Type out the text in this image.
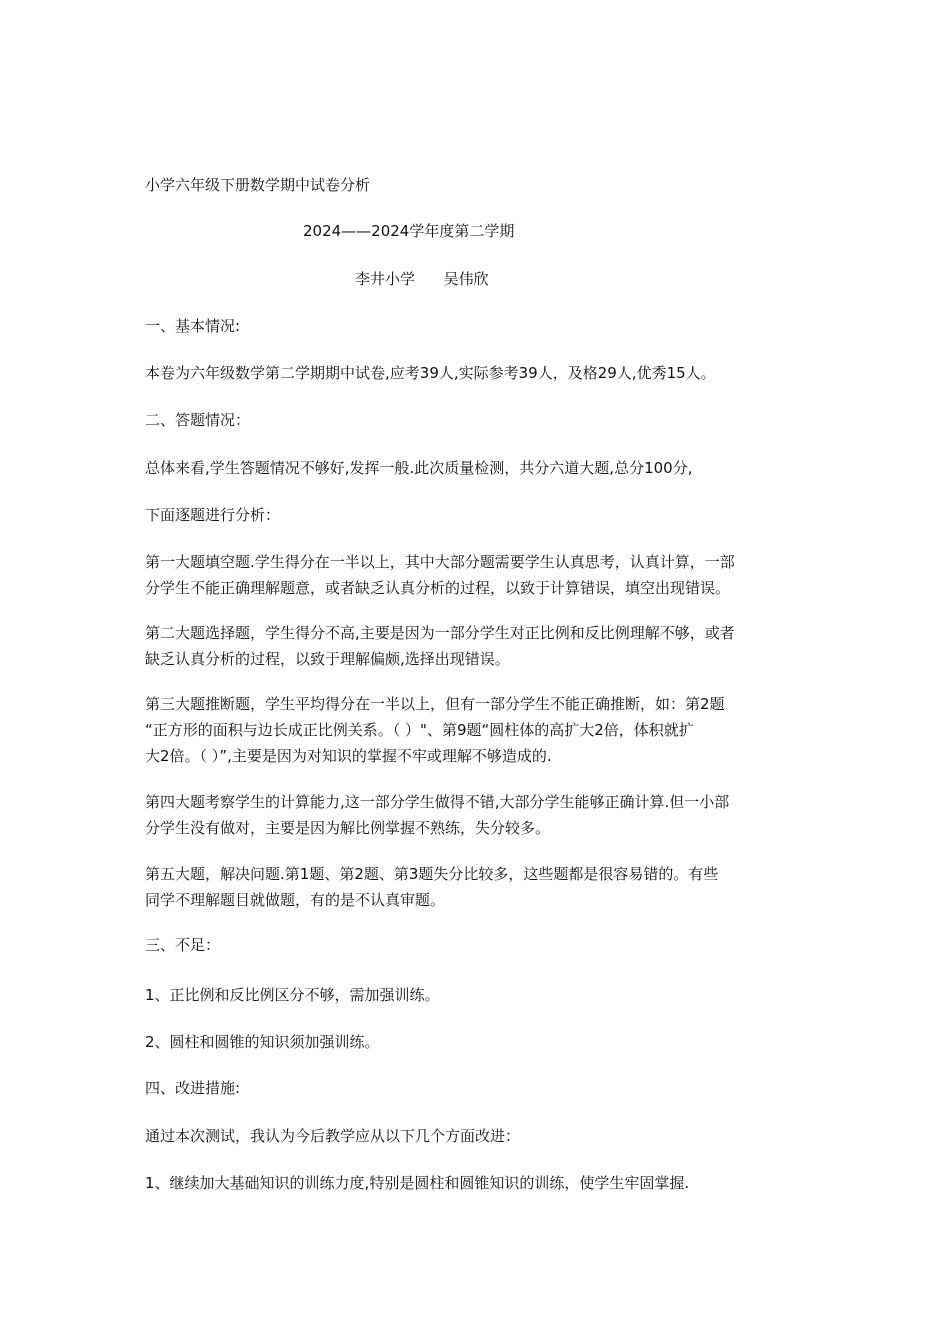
小学六年级下册数学期中试卷分析
2024——2024学年度第二学期
李井小学      吴伟欣
一、基本情况:
本卷为六年级数学第二学期期中试卷,应考39人,实际参考39人，及格29人,优秀15人。
二、答题情况：
总体来看,学生答题情况不够好,发挥一般.此次质量检测，共分六道大题,总分100分,
下面逐题进行分析：
第一大题填空题.学生得分在一半以上，其中大部分题需要学生认真思考，认真计算，一部
分学生不能正确理解题意，或者缺乏认真分析的过程，以致于计算错误，填空出现错误。
第二大题选择题，学生得分不高,主要是因为一部分学生对正比例和反比例理解不够，或者
缺乏认真分析的过程，以致于理解偏颇,选择出现错误。
第三大题推断题，学生平均得分在一半以上，但有一部分学生不能正确推断，如：第2题
“正方形的面积与边长成正比例关系。（ ）"、第9题“圆柱体的高扩大2倍，体积就扩
大2倍。（ ）”,主要是因为对知识的掌握不牢或理解不够造成的.
第四大题考察学生的计算能力,这一部分学生做得不错,大部分学生能够正确计算.但一小部
分学生没有做对，主要是因为解比例掌握不熟练，失分较多。
第五大题，解决问题.第1题、第2题、第3题失分比较多，这些题都是很容易错的。有些
同学不理解题目就做题，有的是不认真审题。
三、不足：
1、正比例和反比例区分不够，需加强训练。
2、圆柱和圆锥的知识须加强训练。
四、改进措施:
通过本次测试，我认为今后教学应从以下几个方面改进：
1、继续加大基础知识的训练力度,特别是圆柱和圆锥知识的训练，使学生牢固掌握.
